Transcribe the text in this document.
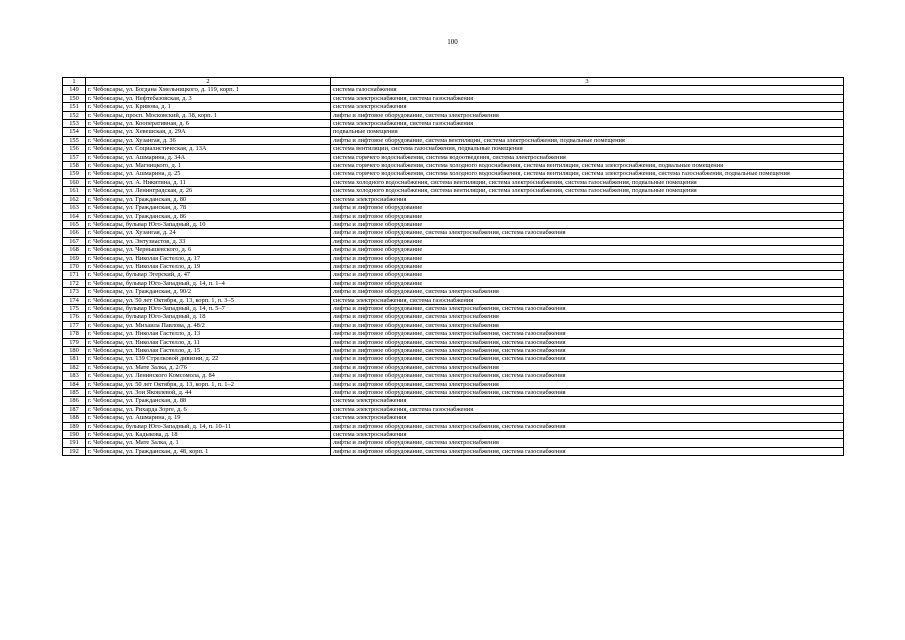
100
1	2	3
149	г. Чебоксары, ул. Богдана Хмельницкого, д. 119, корп. 1	система газоснабжения
150	г. Чебоксары, ул. Нефтебазовская, д. 3	система электроснабжения, система газоснабжения
151	г. Чебоксары, ул. Кривова, д. 1	система электроснабжения
152	г. Чебоксары, просп. Московский, д. 38, корп. 1	лифты и лифтовое оборудование, система электроснабжения
153	г. Чебоксары, ул. Кооперативная, д. 6	система электроснабжения, система газоснабжения
154	г. Чебоксары, ул. Хевешская, д. 29А	подвальные помещения
155	г. Чебоксары, ул. Хузангая, д. 36	лифты и лифтовое оборудование, система вентиляции, система электроснабжения, подвальные помещения
156	г. Чебоксары, ул. Социалистическая, д. 13А	система вентиляции, система газоснабжения, подвальные помещения
157	г. Чебоксары, ул. Ашмарина, д. 34А	система горячего водоснабжения, система водоотведения, система электроснабжения
158	г. Чебоксары, ул. Магницкого, д. 1	система горячего водоснабжения, система холодного водоснабжения, система вентиляции, система электроснабжения, подвальные помещения
159	г. Чебоксары, ул. Ашмарина, д. 25	система горячего водоснабжения, система холодного водоснабжения, система вентиляции, система электроснабжения, система газоснабжения, подвальные помещения
160	г. Чебоксары, ул. А. Никитина, д. 11	система холодного водоснабжения, система вентиляции, система электроснабжения, система газоснабжения, подвальные помещения
161	г. Чебоксары, ул. Ленинградская, д. 26	система холодного водоснабжения, система вентиляции, система электроснабжения, система газоснабжения, подвальные помещения
162	г. Чебоксары, ул. Гражданская, д. 80	система электроснабжения
163	г. Чебоксары, ул. Гражданская, д. 78	лифты и лифтовое оборудование
164	г. Чебоксары, ул. Гражданская, д. 86	лифты и лифтовое оборудование
165	г. Чебоксары, бульвар Юго-Западный, д. 10	лифты и лифтовое оборудование
166	г. Чебоксары, ул. Хузангая, д. 24	лифты и лифтовое оборудование, система электроснабжения, система газоснабжения
167	г. Чебоксары, ул. Энтузиастов, д. 33	лифты и лифтовое оборудование
168	г. Чебоксары, ул. Чернышевского, д. 6	лифты и лифтовое оборудование
169	г. Чебоксары, ул. Николая Гастелло, д. 17	лифты и лифтовое оборудование
170	г. Чебоксары, ул. Николая Гастелло, д. 19	лифты и лифтовое оборудование
171	г. Чебоксары, бульвар Эгерский, д. 47	лифты и лифтовое оборудование
172	г. Чебоксары, бульвар Юго-Западный, д. 14, п. 1–4	лифты и лифтовое оборудование
173	г. Чебоксары, ул. Гражданская, д. 90/2	лифты и лифтовое оборудование, система электроснабжения
174	г. Чебоксары, ул. 50 лет Октября, д. 13, корп. 1, п. 3–5	система электроснабжения, система газоснабжения
175	г. Чебоксары, бульвар Юго-Западный, д. 14, п. 5–7	лифты и лифтовое оборудование, система электроснабжения, система газоснабжения
176	г. Чебоксары, бульвар Юго-Западный, д. 18	лифты и лифтовое оборудование, система электроснабжения
177	г. Чебоксары, ул. Михаила Павлова, д. 48/2	лифты и лифтовое оборудование, система электроснабжения
178	г. Чебоксары, ул. Николая Гастелло, д. 13	лифты и лифтовое оборудование, система электроснабжения, система газоснабжения
179	г. Чебоксары, ул. Николая Гастелло, д. 11	лифты и лифтовое оборудование, система электроснабжения, система газоснабжения
180	г. Чебоксары, ул. Николая Гастелло, д. 15	лифты и лифтовое оборудование, система электроснабжения, система газоснабжения
181	г. Чебоксары, ул. 139 Стрелковой дивизии, д. 22	лифты и лифтовое оборудование, система электроснабжения, система газоснабжения
182	г. Чебоксары, ул. Мате Залка, д. 2/76	лифты и лифтовое оборудование, система электроснабжения
183	г. Чебоксары, ул. Ленинского Комсомола, д. 84	лифты и лифтовое оборудование, система электроснабжения, система газоснабжения
184	г. Чебоксары, ул. 50 лет Октября, д. 13, корп. 1, п. 1–2	лифты и лифтовое оборудование, система электроснабжения
185	г. Чебоксары, ул. Зои Яковлевой, д. 44	лифты и лифтовое оборудование, система электроснабжения, система газоснабжения
186	г. Чебоксары, ул. Гражданская, д. 88	система электроснабжения
187	г. Чебоксары, ул. Рихарда Зорге, д. 6	система электроснабжения, система газоснабжения
188	г. Чебоксары, ул. Ашмарина, д. 19	система электроснабжения
189	г. Чебоксары, бульвар Юго-Западный, д. 14, п. 10–11	лифты и лифтовое оборудование, система электроснабжения, система газоснабжения
190	г. Чебоксары, ул. Кадыкова, д. 18	система электроснабжения
191	г. Чебоксары, ул. Мате Залка, д. 1	лифты и лифтовое оборудование, система электроснабжения
192	г. Чебоксары, ул. Гражданская, д. 48, корп. 1	лифты и лифтовое оборудование, система электроснабжения, система газоснабжения
